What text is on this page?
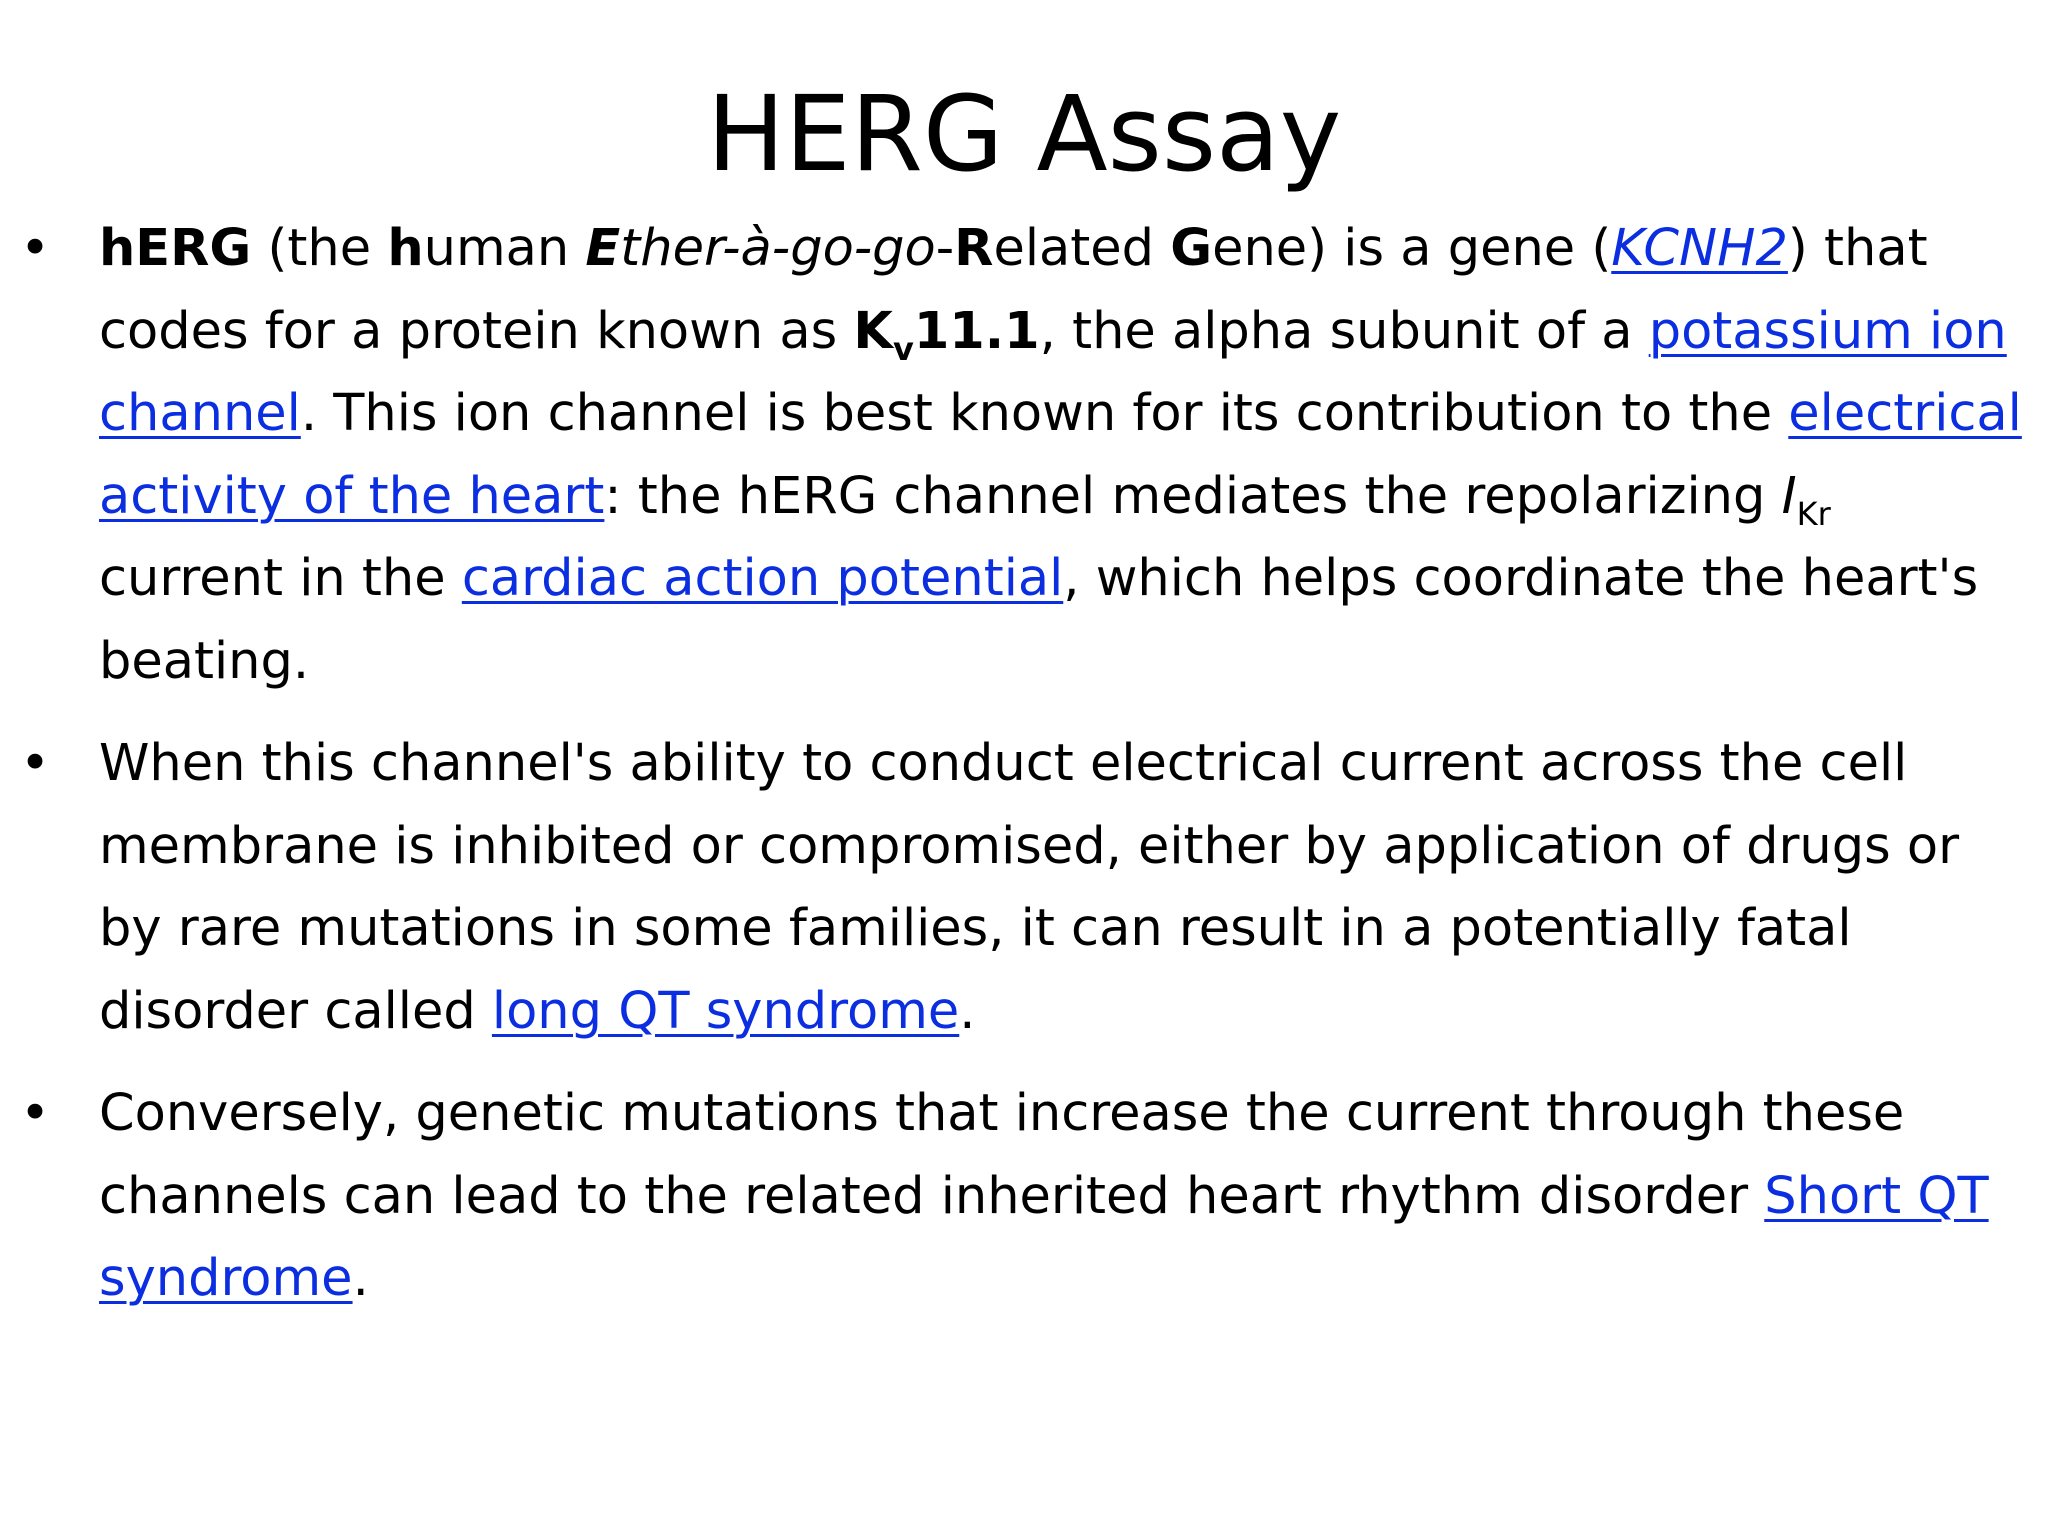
HERG Assay
• hERG (the human Ether-à-go-go-Related Gene) is a gene (KCNH2) that codes for a protein known as $K_v11.1$, the alpha subunit of a potassium ion channel. This ion channel is best known for its contribution to the electrical activity of the heart: the hERG channel mediates the repolarizing $I_{Kr}$ current in the cardiac action potential, which helps coordinate the heart's beating.
• When this channel's ability to conduct electrical current across the cell membrane is inhibited or compromised, either by application of drugs or by rare mutations in some families, it can result in a potentially fatal disorder called long QT syndrome.
• Conversely, genetic mutations that increase the current through these channels can lead to the related inherited heart rhythm disorder Short QT syndrome.
